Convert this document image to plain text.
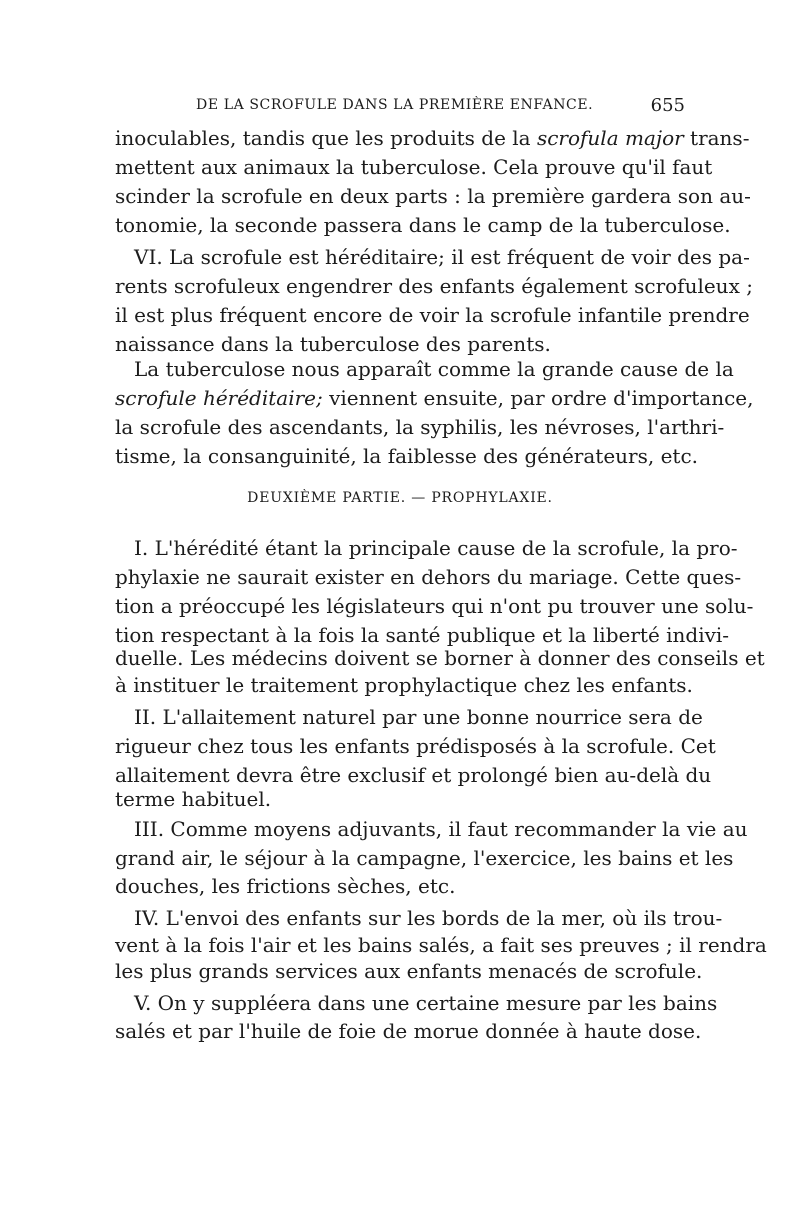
DE LA SCROFULE DANS LA PREMIÈRE ENFANCE.	655
inoculables, tandis que les produits de la scrofula major trans-
mettent aux animaux la tuberculose. Cela prouve qu'il faut
scinder la scrofule en deux parts : la première gardera son au-
tonomie, la seconde passera dans le camp de la tuberculose.
VI. La scrofule est héréditaire; il est fréquent de voir des pa-
rents scrofuleux engendrer des enfants également scrofuleux ;
il est plus fréquent encore de voir la scrofule infantile prendre
naissance dans la tuberculose des parents.
La tuberculose nous apparaît comme la grande cause de la
scrofule héréditaire; viennent ensuite, par ordre d'importance,
la scrofule des ascendants, la syphilis, les névroses, l'arthri-
tisme, la consanguinité, la faiblesse des générateurs, etc.
DEUXIÈME PARTIE. — PROPHYLAXIE.
I. L'hérédité étant la principale cause de la scrofule, la pro-
phylaxie ne saurait exister en dehors du mariage. Cette ques-
tion a préoccupé les législateurs qui n'ont pu trouver une solu-
tion respectant à la fois la santé publique et la liberté indivi-
duelle. Les médecins doivent se borner à donner des conseils et
à instituer le traitement prophylactique chez les enfants.
II. L'allaitement naturel par une bonne nourrice sera de
rigueur chez tous les enfants prédisposés à la scrofule. Cet
allaitement devra être exclusif et prolongé bien au-delà du
terme habituel.
III. Comme moyens adjuvants, il faut recommander la vie au
grand air, le séjour à la campagne, l'exercice, les bains et les
douches, les frictions sèches, etc.
IV. L'envoi des enfants sur les bords de la mer, où ils trou-
vent à la fois l'air et les bains salés, a fait ses preuves ; il rendra
les plus grands services aux enfants menacés de scrofule.
V. On y suppléera dans une certaine mesure par les bains
salés et par l'huile de foie de morue donnée à haute dose.
